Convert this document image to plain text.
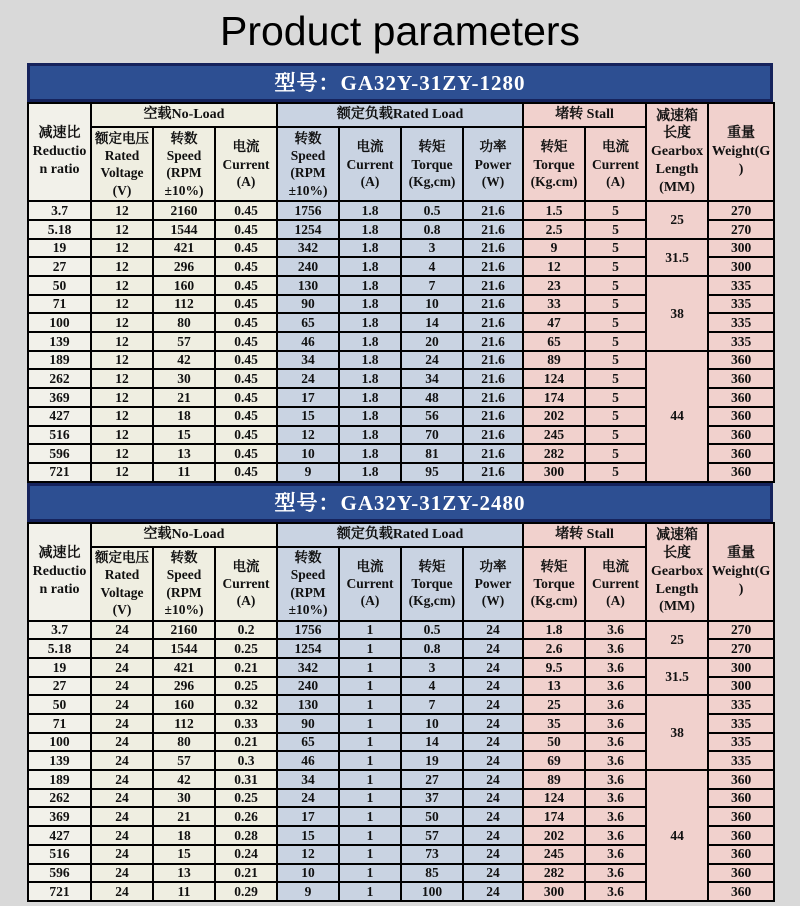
Product parameters
型号：GA32Y-31ZY-1280
减速比 Reduction ratio	空载No-Load			额定负载Rated Load				堵转 Stall		减速箱 长度 Gearbox Length (MM)	重量 Weight(G)
	额定电压Rated Voltage (V)	转数 Speed (RPM ±10%)	电流 Current (A)	转数 Speed (RPM ±10%)	电流 Current (A)	转矩 Torque (Kg,cm)	功率 Power (W)	转矩 Torque (Kg.cm)	电流 Current (A)		
3.7	12	2160	0.45	1756	1.8	0.5	21.6	1.5	5	25	270
5.18	12	1544	0.45	1254	1.8	0.8	21.6	2.5	5		270
19	12	421	0.45	342	1.8	3	21.6	9	5	31.5	300
27	12	296	0.45	240	1.8	4	21.6	12	5		300
50	12	160	0.45	130	1.8	7	21.6	23	5	38	335
71	12	112	0.45	90	1.8	10	21.6	33	5		335
100	12	80	0.45	65	1.8	14	21.6	47	5		335
139	12	57	0.45	46	1.8	20	21.6	65	5		335
189	12	42	0.45	34	1.8	24	21.6	89	5	44	360
262	12	30	0.45	24	1.8	34	21.6	124	5		360
369	12	21	0.45	17	1.8	48	21.6	174	5		360
427	12	18	0.45	15	1.8	56	21.6	202	5		360
516	12	15	0.45	12	1.8	70	21.6	245	5		360
596	12	13	0.45	10	1.8	81	21.6	282	5		360
721	12	11	0.45	9	1.8	95	21.6	300	5		360
型号：GA32Y-31ZY-2480
减速比 Reduction ratio	空载No-Load			额定负载Rated Load				堵转 Stall		减速箱 长度 Gearbox Length (MM)	重量 Weight(G)
	额定电压Rated Voltage (V)	转数 Speed (RPM ±10%)	电流 Current (A)	转数 Speed (RPM ±10%)	电流 Current (A)	转矩 Torque (Kg,cm)	功率 Power (W)	转矩 Torque (Kg.cm)	电流 Current (A)		
3.7	24	2160	0.2	1756	1	0.5	24	1.8	3.6	25	270
5.18	24	1544	0.25	1254	1	0.8	24	2.6	3.6		270
19	24	421	0.21	342	1	3	24	9.5	3.6	31.5	300
27	24	296	0.25	240	1	4	24	13	3.6		300
50	24	160	0.32	130	1	7	24	25	3.6	38	335
71	24	112	0.33	90	1	10	24	35	3.6		335
100	24	80	0.21	65	1	14	24	50	3.6		335
139	24	57	0.3	46	1	19	24	69	3.6		335
189	24	42	0.31	34	1	27	24	89	3.6	44	360
262	24	30	0.25	24	1	37	24	124	3.6		360
369	24	21	0.26	17	1	50	24	174	3.6		360
427	24	18	0.28	15	1	57	24	202	3.6		360
516	24	15	0.24	12	1	73	24	245	3.6		360
596	24	13	0.21	10	1	85	24	282	3.6		360
721	24	11	0.29	9	1	100	24	300	3.6		360
